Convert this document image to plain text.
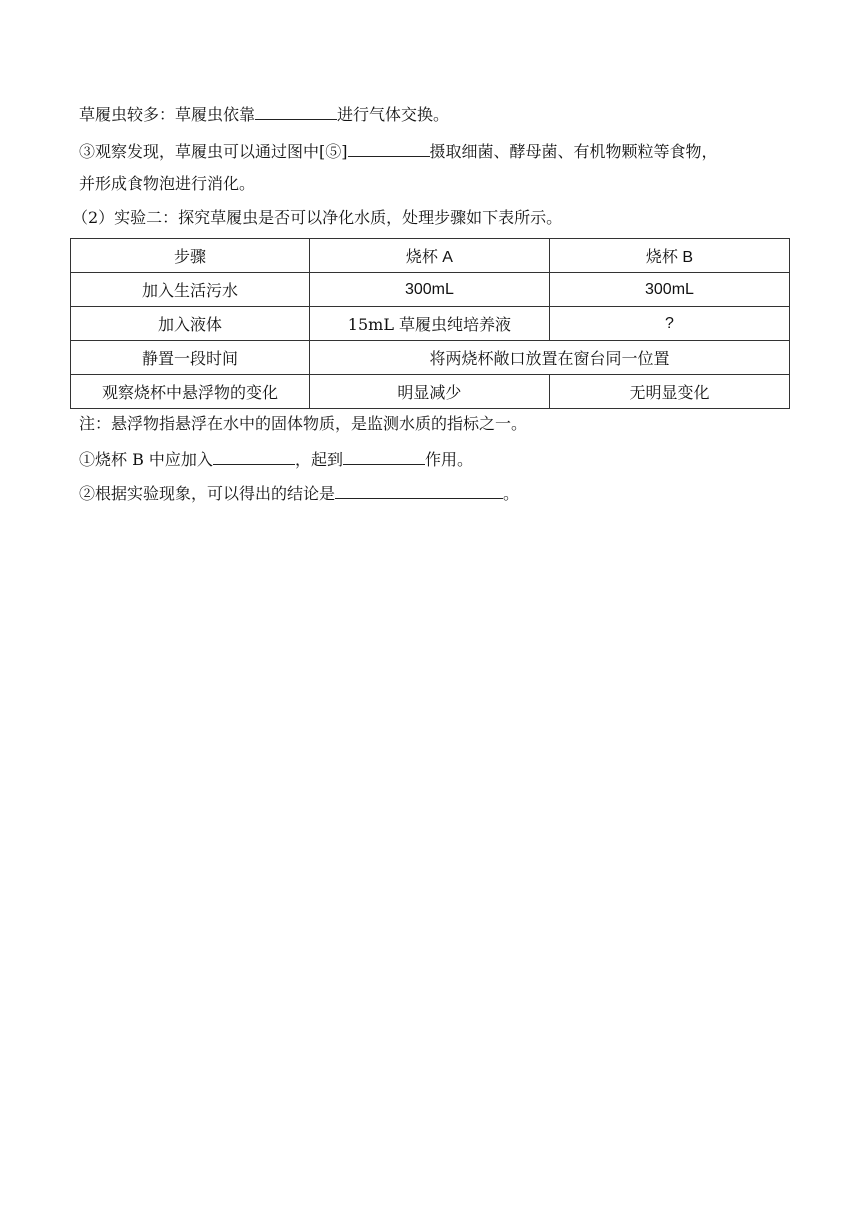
草履虫较多：草履虫依靠	进行气体交换。
③观察发现，草履虫可以通过图中[⑤]	摄取细菌、酵母菌、有机物颗粒等食物，
并形成食物泡进行消化。
（2）实验二：探究草履虫是否可以净化水质，处理步骤如下表所示。
步骤	烧杯 A	烧杯 B
加入生活污水	300mL	300mL
加入液体	15mL 草履虫纯培养液	?
静置一段时间	将两烧杯敞口放置在窗台同一位置	
观察烧杯中悬浮物的变化	明显减少	无明显变化
注：悬浮物指悬浮在水中的固体物质，是监测水质的指标之一。
①烧杯 B 中应加入	，起到	作用。
②根据实验现象，可以得出的结论是	。
